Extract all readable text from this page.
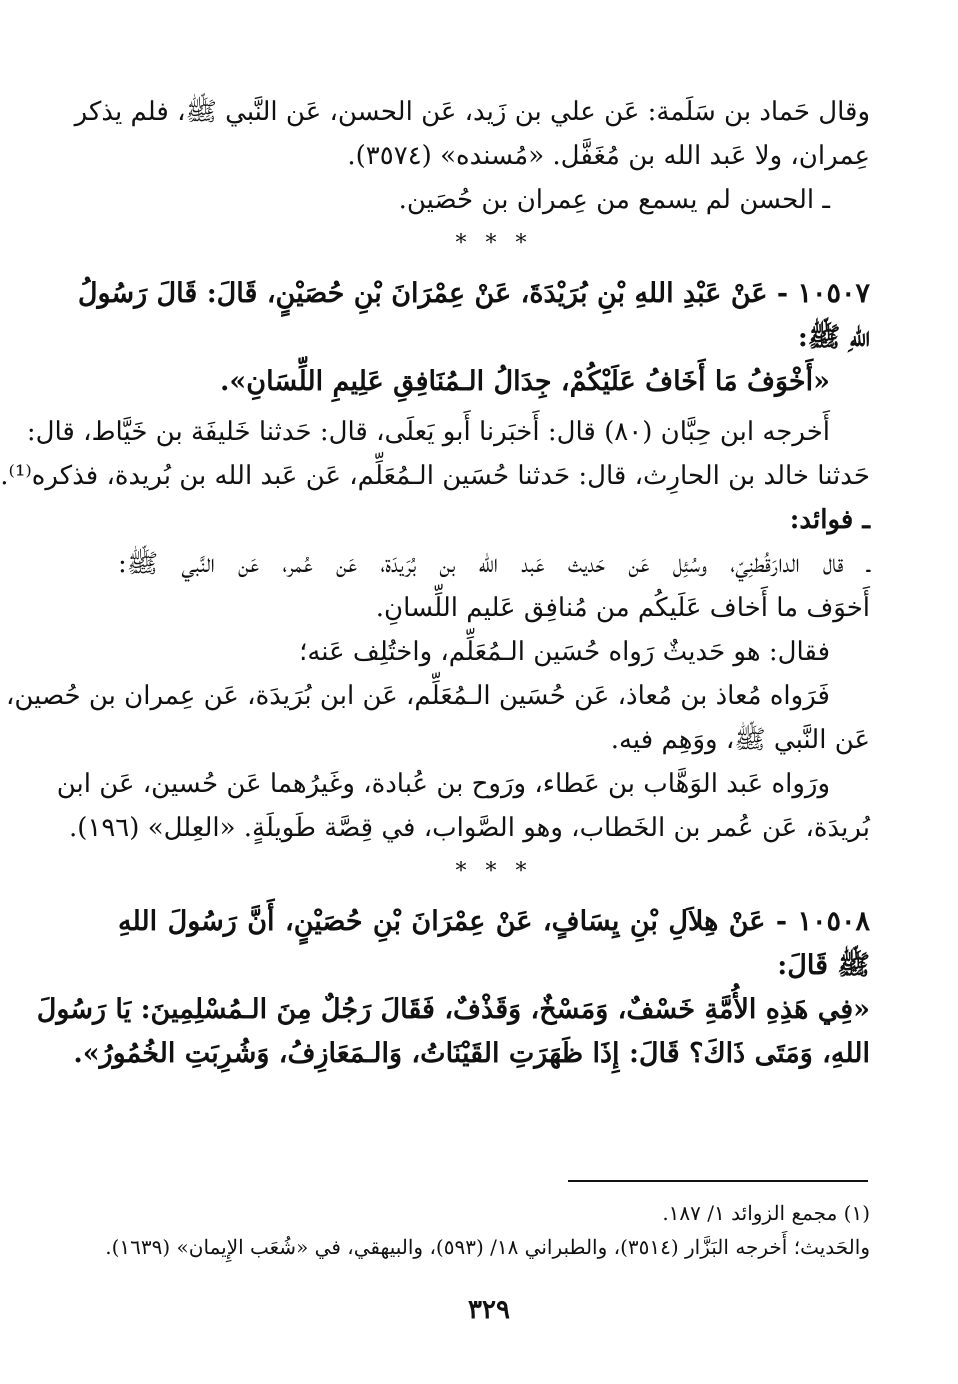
وقال حَماد بن سَلَمة: عَن علي بن زَيد، عَن الحسن، عَن النَّبي ﷺ، فلم يذكر
عِمران، ولا عَبد الله بن مُغَفَّل. «مُسنده» (٣٥٧٤).
ـ الحسن لم يسمع من عِمران بن حُصَين.
* * *
١٠٥٠٧ - عَنْ عَبْدِ اللهِ بْنِ بُرَيْدَةَ، عَنْ عِمْرَانَ بْنِ حُصَيْنٍ، قَالَ: قَالَ رَسُولُ
اللهِ ﷺ:
«أَخْوَفُ مَا أَخَافُ عَلَيْكُمْ، جِدَالُ الـمُنَافِقِ عَلِيمِ اللِّسَانِ».
أَخرجه ابن حِبَّان (٨٠) قال: أَخبَرنا أَبو يَعلَى، قال: حَدثنا خَليفَة بن خَيَّاط، قال:
حَدثنا خالد بن الحارِث، قال: حَدثنا حُسَين الـمُعَلِّم، عَن عَبد الله بن بُريدة، فذكره⁽¹⁾.
ـ فوائد:
ـ قال الدارَقُطنِيّ، وسُئِل عَن حَديث عَبد الله بن بُرَيدَة، عَن عُمر، عَن النَّبي ﷺ:
أَخوَف ما أَخاف عَلَيكُم من مُنافِق عَليم اللِّسانِ.
فقال: هو حَديثٌ رَواه حُسَين الـمُعَلِّم، واختُلِف عَنه؛
فَرَواه مُعاذ بن مُعاذ، عَن حُسَين الـمُعَلِّم، عَن ابن بُرَيدَة، عَن عِمران بن حُصين،
عَن النَّبي ﷺ، ووَهِم فيه.
ورَواه عَبد الوَهَّاب بن عَطاء، ورَوح بن عُبادة، وغَيرُهما عَن حُسين، عَن ابن
بُريدَة، عَن عُمر بن الخَطاب، وهو الصَّواب، في قِصَّة طَويلَةٍ. «العِلل» (١٩٦).
* * *
١٠٥٠٨ - عَنْ هِلاَلِ بْنِ يِسَافٍ، عَنْ عِمْرَانَ بْنِ حُصَيْنٍ، أَنَّ رَسُولَ اللهِ
ﷺ قَالَ:
«فِي هَذِهِ الأُمَّةِ خَسْفٌ، وَمَسْخٌ، وَقَذْفٌ، فَقَالَ رَجُلٌ مِنَ الـمُسْلِمِينَ: يَا رَسُولَ
اللهِ، وَمَتَى ذَاكَ؟ قَالَ: إِذَا ظَهَرَتِ القَيْنَاتُ، وَالـمَعَازِفُ، وَشُرِبَتِ الخُمُورُ».
(١) مجمع الزوائد ١/ ١٨٧.
والحَديث؛ أَخرجه البَزَّار (٣٥١٤)، والطبراني ١٨/ (٥٩٣)، والبيهقي، في «شُعَب الإِيمان» (١٦٣٩).
٣٢٩
